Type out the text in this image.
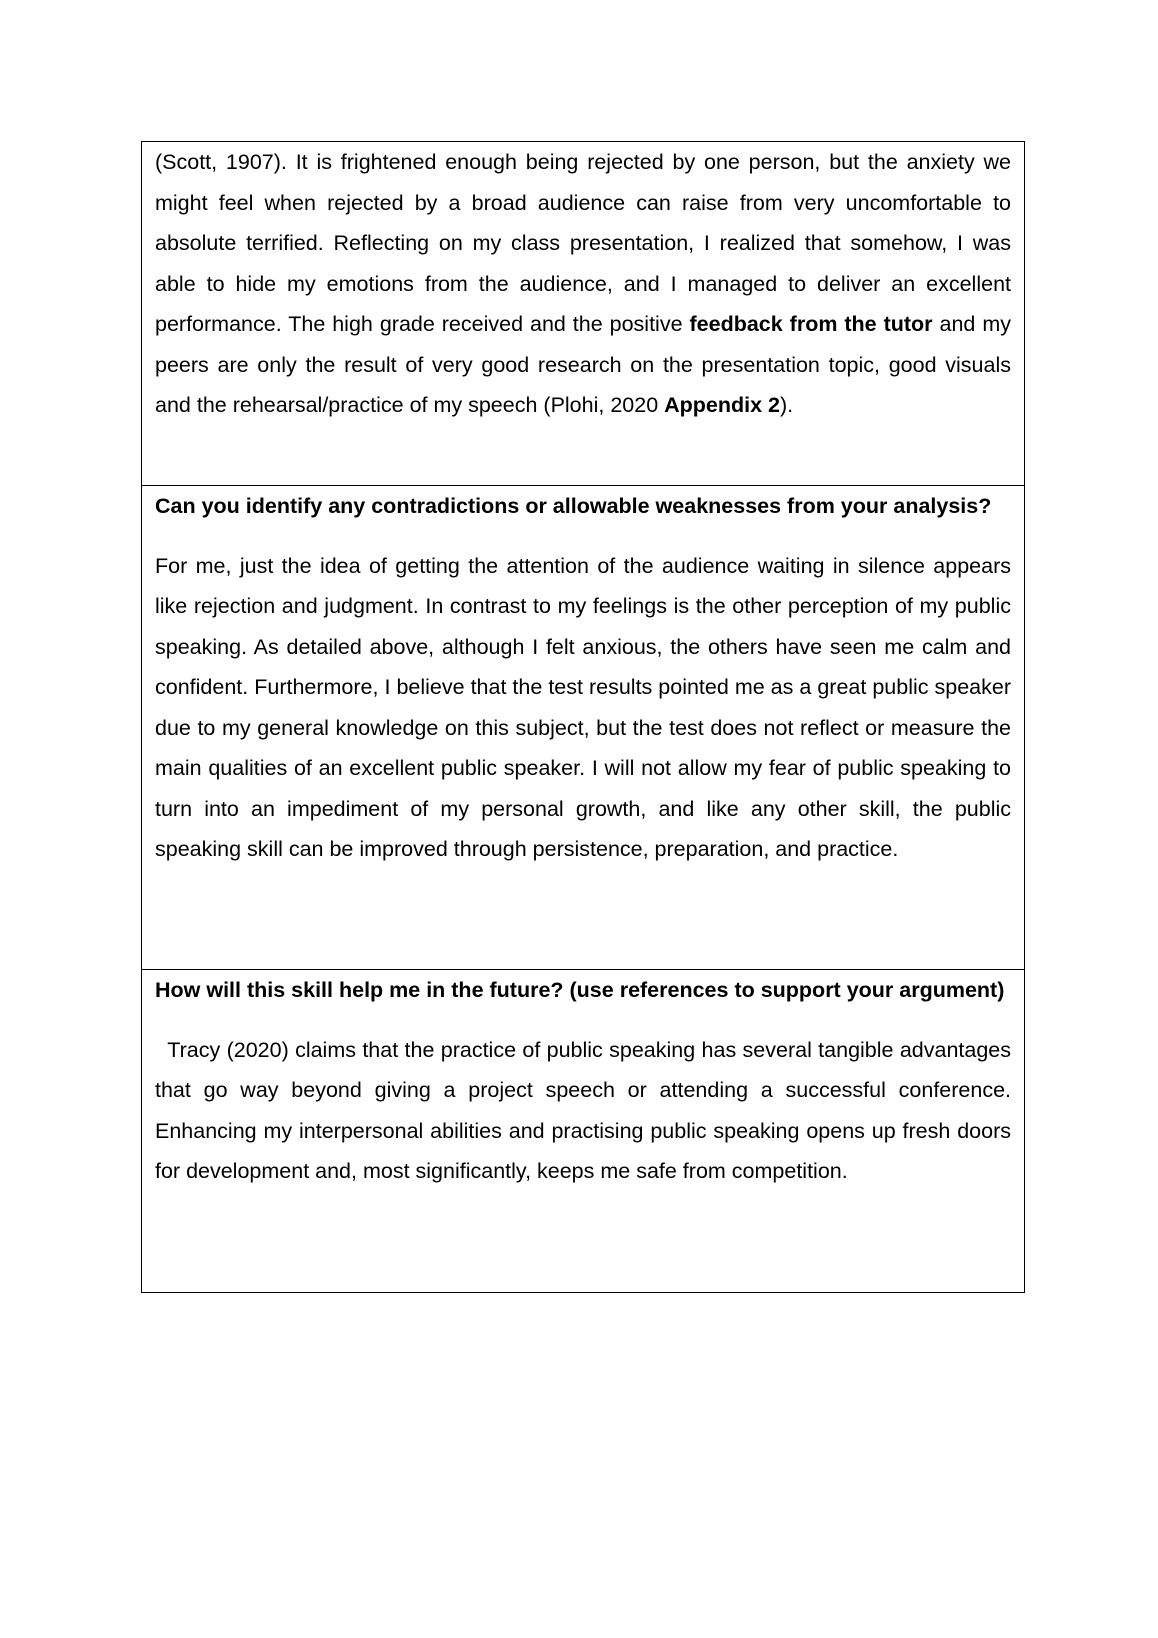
(Scott, 1907). It is frightened enough being rejected by one person, but the anxiety we might feel when rejected by a broad audience can raise from very uncomfortable to absolute terrified. Reflecting on my class presentation, I realized that somehow, I was able to hide my emotions from the audience, and I managed to deliver an excellent performance. The high grade received and the positive feedback from the tutor and my peers are only the result of very good research on the presentation topic, good visuals and the rehearsal/practice of my speech (Plohi, 2020 Appendix 2).

Can you identify any contradictions or allowable weaknesses from your analysis?

For me, just the idea of getting the attention of the audience waiting in silence appears like rejection and judgment. In contrast to my feelings is the other perception of my public speaking. As detailed above, although I felt anxious, the others have seen me calm and confident. Furthermore, I believe that the test results pointed me as a great public speaker due to my general knowledge on this subject, but the test does not reflect or measure the main qualities of an excellent public speaker. I will not allow my fear of public speaking to turn into an impediment of my personal growth, and like any other skill, the public speaking skill can be improved through persistence, preparation, and practice.

How will this skill help me in the future? (use references to support your argument)

Tracy (2020) claims that the practice of public speaking has several tangible advantages that go way beyond giving a project speech or attending a successful conference. Enhancing my interpersonal abilities and practising public speaking opens up fresh doors for development and, most significantly, keeps me safe from competition.
